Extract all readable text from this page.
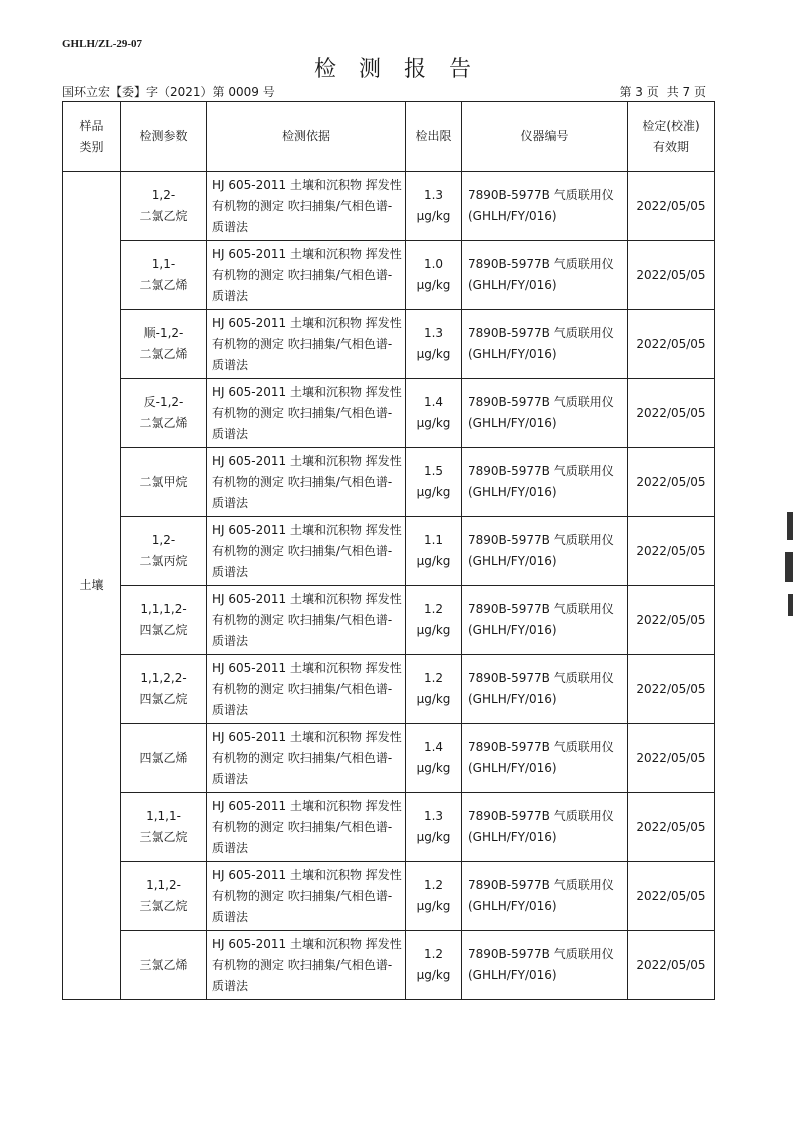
GHLH/ZL-29-07
检 测 报 告
国环立宏【委】字（2021）第 0009 号	第 3 页 共 7 页
样品
类别	检测参数	检测依据	检出限	仪器编号	检定(校准)
有效期
土壤	1,2-
二氯乙烷	HJ 605-2011 土壤和沉积物 挥发性有机物的测定 吹扫捕集/气相色谱-质谱法	1.3
μg/kg	7890B-5977B 气质联用仪(GHLH/FY/016)	2022/05/05
	1,1-
二氯乙烯	HJ 605-2011 土壤和沉积物 挥发性有机物的测定 吹扫捕集/气相色谱-质谱法	1.0
μg/kg	7890B-5977B 气质联用仪(GHLH/FY/016)	2022/05/05
	顺-1,2-
二氯乙烯	HJ 605-2011 土壤和沉积物 挥发性有机物的测定 吹扫捕集/气相色谱-质谱法	1.3
μg/kg	7890B-5977B 气质联用仪(GHLH/FY/016)	2022/05/05
	反-1,2-
二氯乙烯	HJ 605-2011 土壤和沉积物 挥发性有机物的测定 吹扫捕集/气相色谱-质谱法	1.4
μg/kg	7890B-5977B 气质联用仪(GHLH/FY/016)	2022/05/05
	二氯甲烷	HJ 605-2011 土壤和沉积物 挥发性有机物的测定 吹扫捕集/气相色谱-质谱法	1.5
μg/kg	7890B-5977B 气质联用仪(GHLH/FY/016)	2022/05/05
	1,2-
二氯丙烷	HJ 605-2011 土壤和沉积物 挥发性有机物的测定 吹扫捕集/气相色谱-质谱法	1.1
μg/kg	7890B-5977B 气质联用仪(GHLH/FY/016)	2022/05/05
	1,1,1,2-
四氯乙烷	HJ 605-2011 土壤和沉积物 挥发性有机物的测定 吹扫捕集/气相色谱-质谱法	1.2
μg/kg	7890B-5977B 气质联用仪(GHLH/FY/016)	2022/05/05
	1,1,2,2-
四氯乙烷	HJ 605-2011 土壤和沉积物 挥发性有机物的测定 吹扫捕集/气相色谱-质谱法	1.2
μg/kg	7890B-5977B 气质联用仪(GHLH/FY/016)	2022/05/05
	四氯乙烯	HJ 605-2011 土壤和沉积物 挥发性有机物的测定 吹扫捕集/气相色谱-质谱法	1.4
μg/kg	7890B-5977B 气质联用仪(GHLH/FY/016)	2022/05/05
	1,1,1-
三氯乙烷	HJ 605-2011 土壤和沉积物 挥发性有机物的测定 吹扫捕集/气相色谱-质谱法	1.3
μg/kg	7890B-5977B 气质联用仪(GHLH/FY/016)	2022/05/05
	1,1,2-
三氯乙烷	HJ 605-2011 土壤和沉积物 挥发性有机物的测定 吹扫捕集/气相色谱-质谱法	1.2
μg/kg	7890B-5977B 气质联用仪(GHLH/FY/016)	2022/05/05
	三氯乙烯	HJ 605-2011 土壤和沉积物 挥发性有机物的测定 吹扫捕集/气相色谱-质谱法	1.2
μg/kg	7890B-5977B 气质联用仪(GHLH/FY/016)	2022/05/05
